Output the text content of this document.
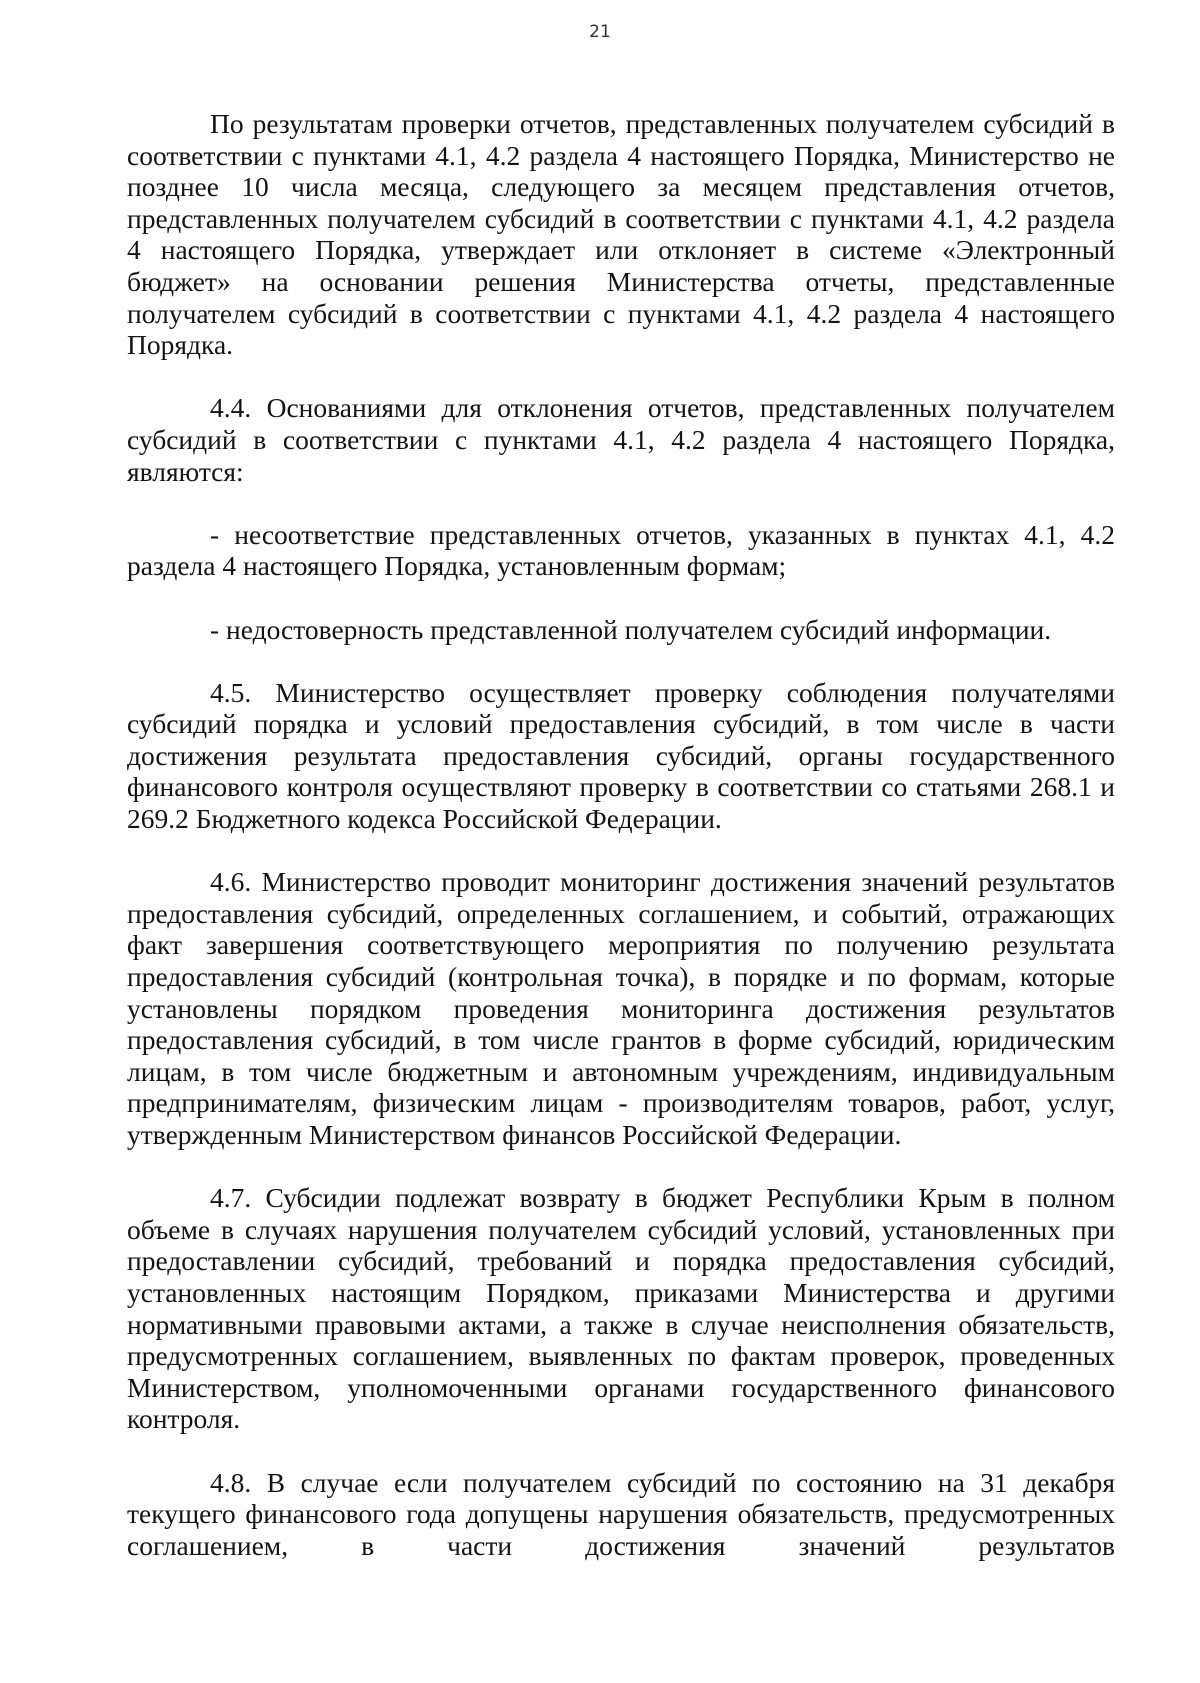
21

По результатам проверки отчетов, представленных получателем субсидий в соответствии с пунктами 4.1, 4.2 раздела 4 настоящего Порядка, Министерство не позднее 10 числа месяца, следующего за месяцем представления отчетов, представленных получателем субсидий в соответствии с пунктами 4.1, 4.2 раздела 4 настоящего Порядка, утверждает или отклоняет в системе «Электронный бюджет» на основании решения Министерства отчеты, представленные получателем субсидий в соответствии с пунктами 4.1, 4.2 раздела 4 настоящего Порядка.

4.4. Основаниями для отклонения отчетов, представленных получателем субсидий в соответствии с пунктами 4.1, 4.2 раздела 4 настоящего Порядка, являются:

- несоответствие представленных отчетов, указанных в пунктах 4.1, 4.2 раздела 4 настоящего Порядка, установленным формам;

- недостоверность представленной получателем субсидий информации.

4.5. Министерство осуществляет проверку соблюдения получателями субсидий порядка и условий предоставления субсидий, в том числе в части достижения результата предоставления субсидий, органы государственного финансового контроля осуществляют проверку в соответствии со статьями 268.1 и 269.2 Бюджетного кодекса Российской Федерации.

4.6. Министерство проводит мониторинг достижения значений результатов предоставления субсидий, определенных соглашением, и событий, отражающих факт завершения соответствующего мероприятия по получению результата предоставления субсидий (контрольная точка), в порядке и по формам, которые установлены порядком проведения мониторинга достижения результатов предоставления субсидий, в том числе грантов в форме субсидий, юридическим лицам, в том числе бюджетным и автономным учреждениям, индивидуальным предпринимателям, физическим лицам - производителям товаров, работ, услуг, утвержденным Министерством финансов Российской Федерации.

4.7. Субсидии подлежат возврату в бюджет Республики Крым в полном объеме в случаях нарушения получателем субсидий условий, установленных при предоставлении субсидий, требований и порядка предоставления субсидий, установленных настоящим Порядком, приказами Министерства и другими нормативными правовыми актами, а также в случае неисполнения обязательств, предусмотренных соглашением, выявленных по фактам проверок, проведенных Министерством, уполномоченными органами государственного финансового контроля.

4.8. В случае если получателем субсидий по состоянию на 31 декабря текущего финансового года допущены нарушения обязательств, предусмотренных соглашением, в части достижения значений результатов
